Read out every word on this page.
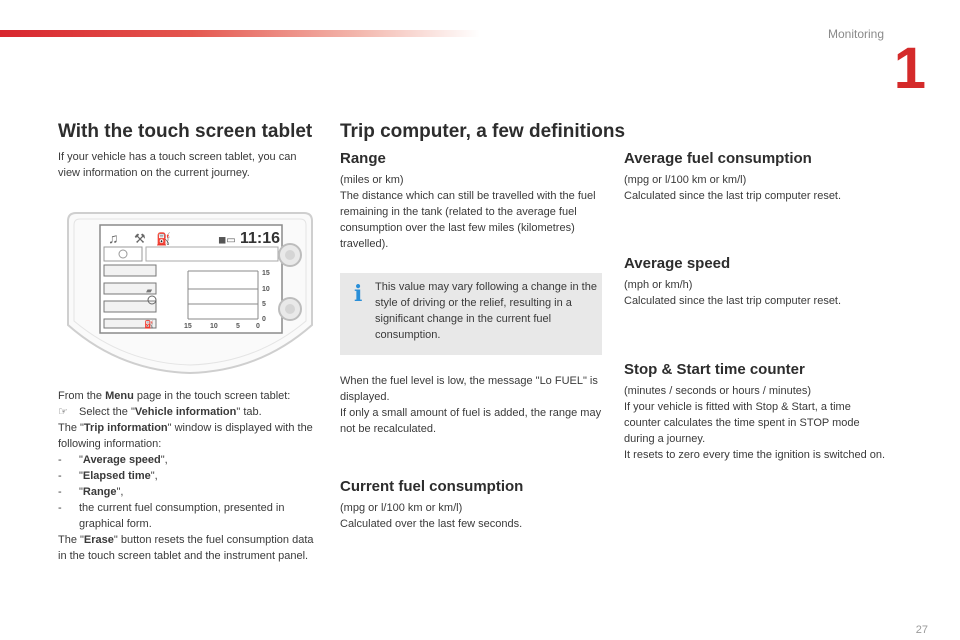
Monitoring
1
With the touch screen tablet

If your vehicle has a touch screen tablet, you can view information on the current journey.

♫ ⚒ ⛽	◼▭ 11:16
▰
⛽
15 10 5 0
15	10	5 0
From the Menu page in the touch screen tablet:
☞ Select the "Vehicle information" tab.
The "Trip information" window is displayed with the following information:
- "Average speed",
- "Elapsed time",
- "Range",
- the current fuel consumption, presented in graphical form.
The "Erase" button resets the fuel consumption data in the touch screen tablet and the instrument panel.
Trip computer, a few definitions
Range

(miles or km)

The distance which can still be travelled with the fuel remaining in the tank (related to the average fuel consumption over the last few miles (kilometres) travelled).

i This value may vary following a change in the style of driving or the relief, resulting in a significant change in the current fuel consumption.

When the fuel level is low, the message "Lo FUEL" is displayed.

If only a small amount of fuel is added, the range may not be recalculated.

Current fuel consumption

(mpg or l/100 km or km/l)

Calculated over the last few seconds.

Average fuel consumption

(mpg or l/100 km or km/l)

Calculated since the last trip computer reset.

Average speed

(mph or km/h)

Calculated since the last trip computer reset.

Stop & Start time counter

(minutes / seconds or hours / minutes)

If your vehicle is fitted with Stop & Start, a time counter calculates the time spent in STOP mode during a journey.

It resets to zero every time the ignition is switched on.

27
